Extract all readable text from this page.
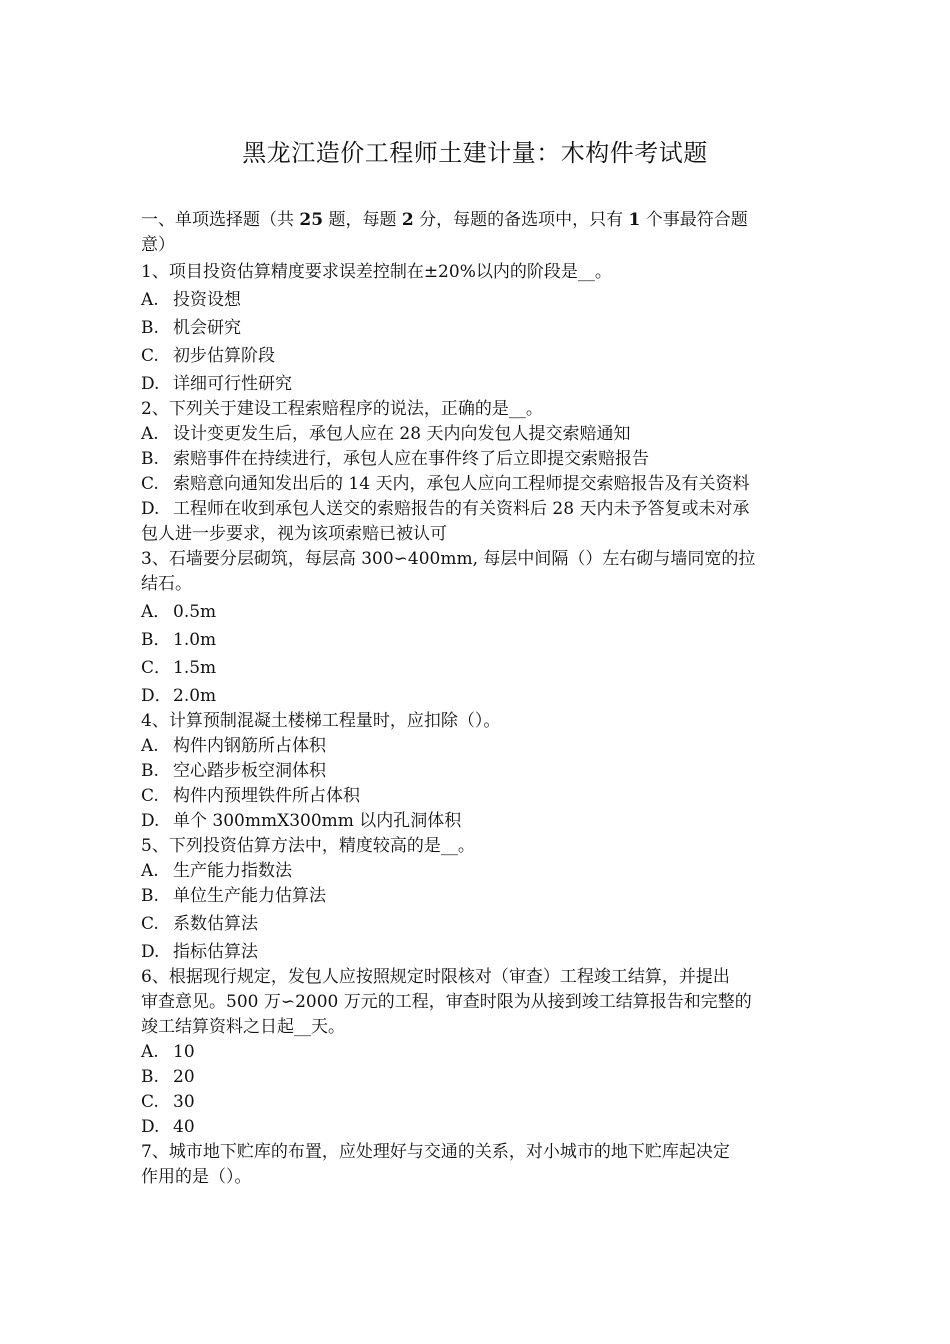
黑龙江造价工程师土建计量：木构件考试题
一、单项选择题（共 25 题，每题 2 分，每题的备选项中，只有 1 个事最符合题
意）
1、项目投资估算精度要求误差控制在±20%以内的阶段是__。
A. 投资设想
B. 机会研究
C. 初步估算阶段
D. 详细可行性研究
2、下列关于建设工程索赔程序的说法，正确的是__。
A. 设计变更发生后，承包人应在 28 天内向发包人提交索赔通知
B. 索赔事件在持续进行，承包人应在事件终了后立即提交索赔报告
C. 索赔意向通知发出后的 14 天内，承包人应向工程师提交索赔报告及有关资料
D. 工程师在收到承包人送交的索赔报告的有关资料后 28 天内未予答复或未对承
包人进一步要求，视为该项索赔已被认可
3、石墙要分层砌筑，每层高 300∽400mm, 每层中间隔（）左右砌与墙同宽的拉
结石。
A． 0.5m
B． 1.0m
C． 1.5m
D．2.0m
4、计算预制混凝土楼梯工程量时，应扣除（）。
A. 构件内钢筋所占体积
B. 空心踏步板空洞体积
C. 构件内预埋铁件所占体积
D. 单个 300mmX300mm 以内孔洞体积
5、下列投资估算方法中，精度较高的是__。
A. 生产能力指数法
B. 单位生产能力估算法
C. 系数估算法
D. 指标估算法
6、根据现行规定，发包人应按照规定时限核对（审查）工程竣工结算，并提出
审查意见。500 万∽2000 万元的工程，审查时限为从接到竣工结算报告和完整的
竣工结算资料之日起__天。
A. 10
B. 20
C. 30
D. 40
7、城市地下贮库的布置，应处理好与交通的关系，对小城市的地下贮库起决定
作用的是（）。
